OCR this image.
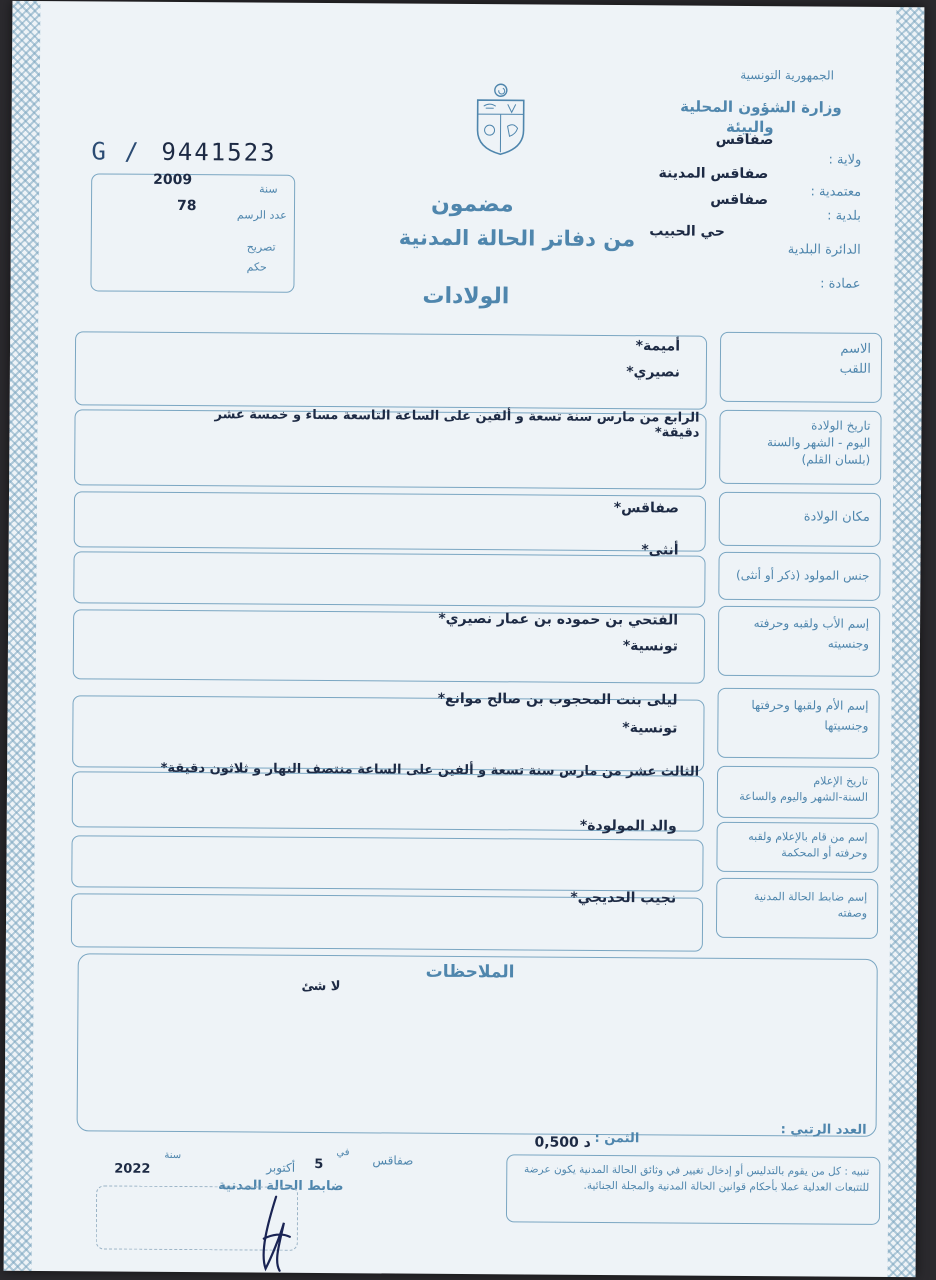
الجمهورية التونسية
وزارة الشؤون المحلية
والبيئة
ولاية :
صفاقس
معتمدية :
صفاقس المدينة
بلدية :
صفاقس
الدائرة البلدية
حي الحبيب
عمادة :
G / 9441523
سنة
2009
عدد الرسم
78
تصريح
حكم
مضمون
من دفاتر الحالة المدنية
الولادات
الاسم
اللقب
أميمة*
نصيري*
تاريخ الولادة
اليوم - الشهر والسنة
(بلسان القلم)
الرابع من مارس سنة تسعة و ألفين على الساعة التاسعة مساء و خمسة عشر دقيقة*
مكان الولادة
صفاقس*
جنس المولود (ذكر أو أنثى)
أنثى*
إسم الأب ولقبه وحرفته
وجنسيته
الفتحي بن حموده بن عمار نصيري*
تونسية*
إسم الأم ولقبها وحرفتها
وجنسيتها
ليلى بنت المحجوب بن صالح موانع*
تونسية*
تاريخ الإعلام
السنة-الشهر واليوم والساعة
الثالث عشر من مارس سنة تسعة و ألفين على الساعة منتصف النهار و ثلاثون دقيقة*
إسم من قام بالإعلام ولقبه
وحرفته أو المحكمة
والد المولودة*
إسم ضابط الحالة المدنية
وصفته
نجيب الحديجي*
الملاحظات
لا شئ
العدد الرتبي :
الثمن :
0,500 د
صفاقس
في
5
أكتوبر
سنة
2022
ضابط الحالة المدنية
تنبيه : كل من يقوم بالتدليس أو إدخال تغيير في وثائق الحالة المدنية يكون عرضة للتتبعات العدلية عملا بأحكام قوانين الحالة المدنية والمجلة الجنائية.
